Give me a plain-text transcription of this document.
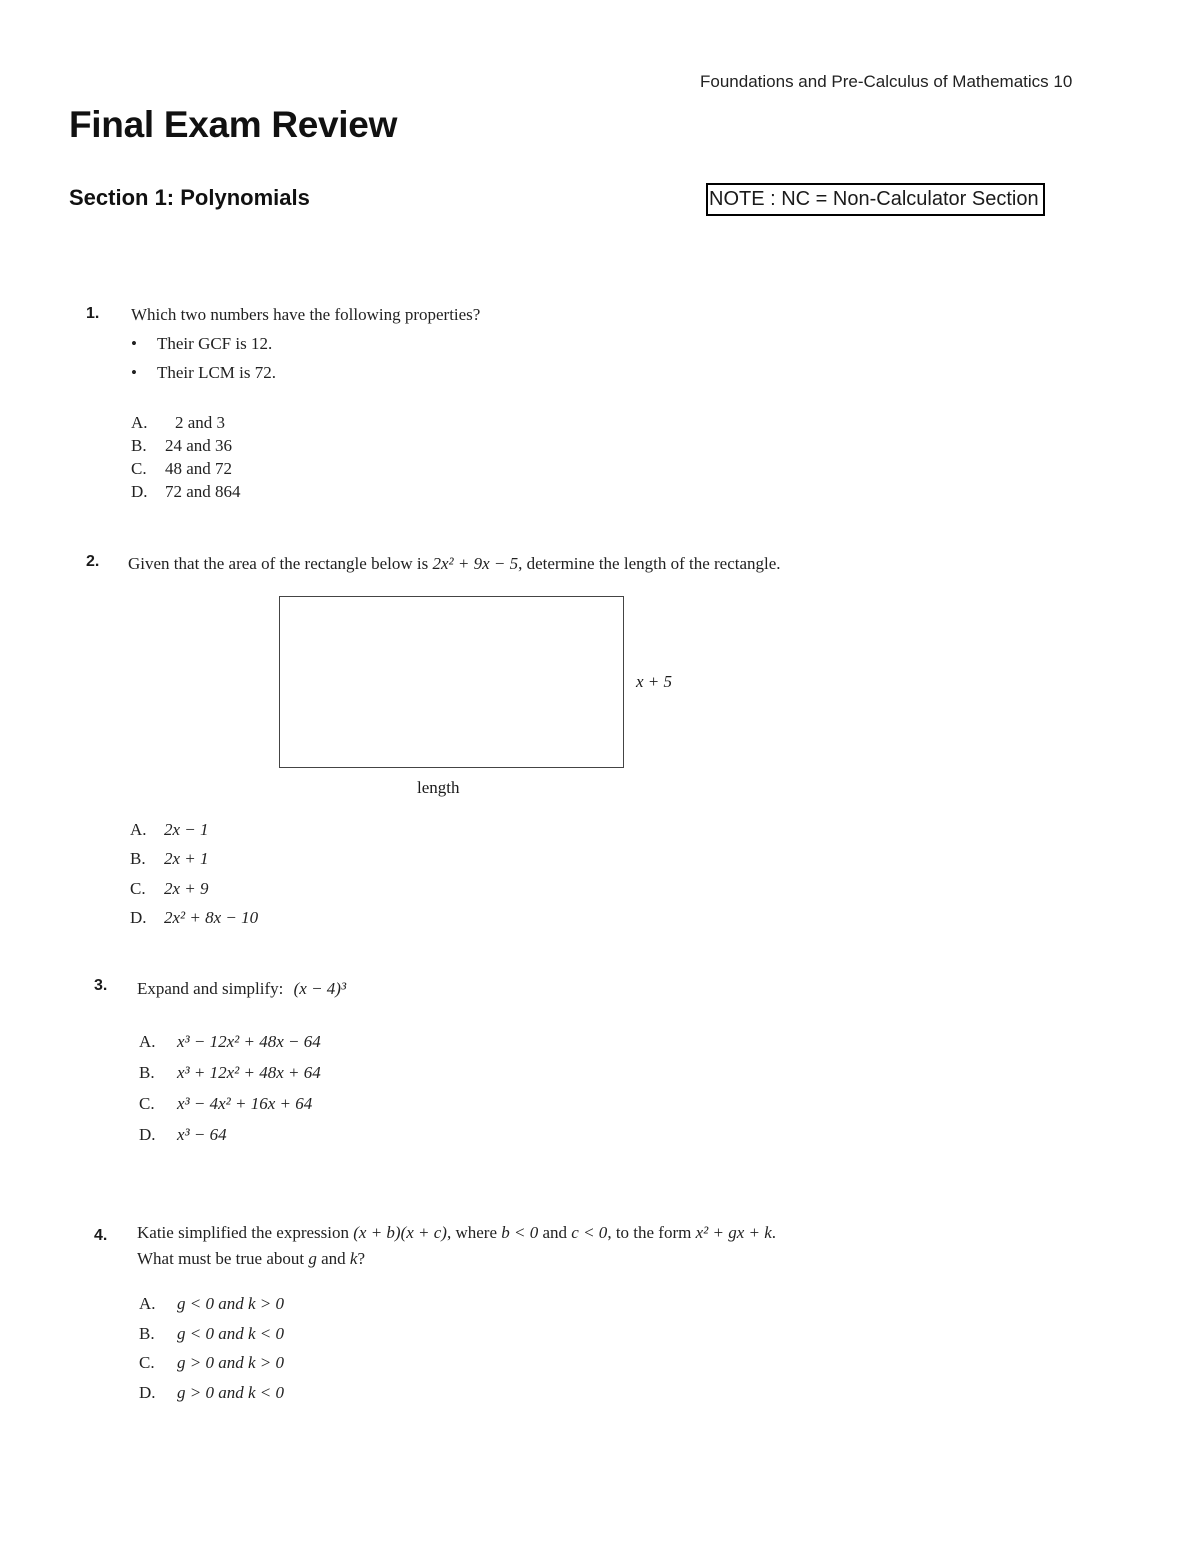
Foundations and Pre-Calculus of Mathematics 10
Final Exam Review
Section 1: Polynomials	NOTE : NC = Non-Calculator Section
1. Which two numbers have the following properties?
• Their GCF is 12.
• Their LCM is 72.
A. 2 and 3
B. 24 and 36
C. 48 and 72
D. 72 and 864
2. Given that the area of the rectangle below is 2x² + 9x − 5, determine the length of the rectangle.
x + 5
length
A. 2x − 1
B. 2x + 1
C. 2x + 9
D. 2x² + 8x − 10
3. Expand and simplify: (x − 4)³
A. x³ − 12x² + 48x − 64
B. x³ + 12x² + 48x + 64
C. x³ − 4x² + 16x + 64
D. x³ − 64
4. Katie simplified the expression (x + b)(x + c), where b < 0 and c < 0, to the form x² + gx + k.
What must be true about g and k?
A. g < 0 and k > 0
B. g < 0 and k < 0
C. g > 0 and k > 0
D. g > 0 and k < 0
